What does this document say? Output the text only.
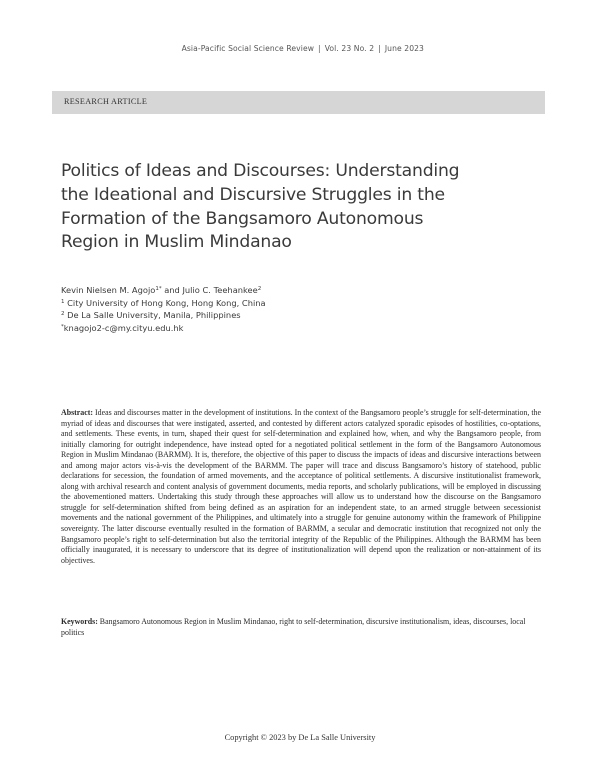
Asia-Pacific Social Science Review | Vol. 23 No. 2 | June 2023
RESEARCH ARTICLE
Politics of Ideas and Discourses: Understanding
the Ideational and Discursive Struggles in the
Formation of the Bangsamoro Autonomous
Region in Muslim Mindanao
Kevin Nielsen M. Agojo$^{1*}$ and Julio C. Teehankee$^2$
$^1$ City University of Hong Kong, Hong Kong, China
$^2$ De La Salle University, Manila, Philippines
*knagojo2-c@my.cityu.edu.hk

Abstract: Ideas and discourses matter in the development of institutions. In the context of the Bangsamoro people’s struggle for self-determination, the myriad of ideas and discourses that were instigated, asserted, and contested by different actors catalyzed sporadic episodes of hostilities, co-optations, and settlements. These events, in turn, shaped their quest for self-determination and explained how, when, and why the Bangsamoro people, from initially clamoring for outright independence, have instead opted for a negotiated political settlement in the form of the Bangsamoro Autonomous Region in Muslim Mindanao (BARMM). It is, therefore, the objective of this paper to discuss the impacts of ideas and discursive interactions between and among major actors vis-à-vis the development of the BARMM. The paper will trace and discuss Bangsamoro’s history of statehood, public declarations for secession, the foundation of armed movements, and the acceptance of political settlements. A discursive institutionalist framework, along with archival research and content analysis of government documents, media reports, and scholarly publications, will be employed in discussing the abovementioned matters. Undertaking this study through these approaches will allow us to understand how the discourse on the Bangsamoro struggle for self-determination shifted from being defined as an aspiration for an independent state, to an armed struggle between secessionist movements and the national government of the Philippines, and ultimately into a struggle for genuine autonomy within the framework of Philippine sovereignty. The latter discourse eventually resulted in the formation of BARMM, a secular and democratic institution that recognized not only the Bangsamoro people’s right to self-determination but also the territorial integrity of the Republic of the Philippines. Although the BARMM has been officially inaugurated, it is necessary to underscore that its degree of institutionalization will depend upon the realization or non-attainment of its objectives.

Keywords: Bangsamoro Autonomous Region in Muslim Mindanao, right to self-determination, discursive institutionalism, ideas, discourses, local politics

Copyright © 2023 by De La Salle University
